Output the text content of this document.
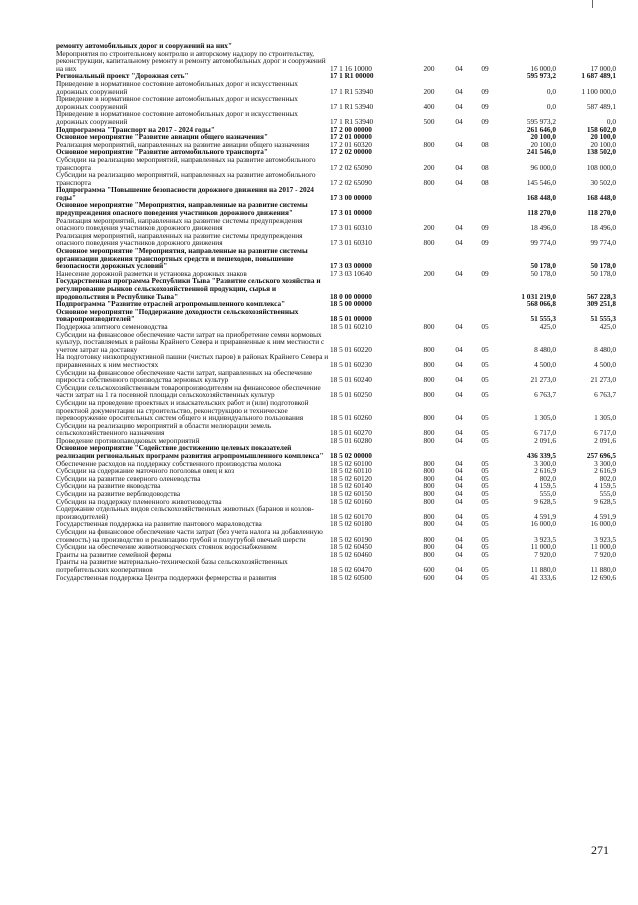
ремонту автомобильных дорог и сооружений на них"
Мероприятия по строительному контролю и авторскому надзору по строительству, реконструкции, капитальному ремонту и ремонту автомобильных дорог и сооружений на них	17 1 16 10000	200	04	09	16 000,0	17 000,0
Региональный проект "Дорожная сеть"	17 1 R1 00000	595 973,2	1 687 489,1
Приведение в нормативное состояние автомобильных дорог и искусственных дорожных сооружений	17 1 R1 53940	200	04	09	0,0	1 100 000,0
Приведение в нормативное состояние автомобильных дорог и искусственных дорожных сооружений	17 1 R1 53940	400	04	09	0,0	587 489,1
Приведение в нормативное состояние автомобильных дорог и искусственных дорожных сооружений	17 1 R1 53940	500	04	09	595 973,2	0,0
Подпрограмма "Транспорт на 2017 - 2024 годы"	17 2 00 00000	261 646,0	158 602,0
Основное мероприятие "Развитие авиации общего назначения"	17 2 01 00000	20 100,0	20 100,0
Реализация мероприятий, направленных на развитие авиации общего назначения	17 2 01 60320	800	04	08	20 100,0	20 100,0
Основное мероприятие "Развитие автомобильного транспорта"	17 2 02 00000	241 546,0	138 502,0
Субсидии на реализацию мероприятий, направленных на развитие автомобильного транспорта	17 2 02 65090	200	04	08	96 000,0	108 000,0
Субсидии на реализацию мероприятий, направленных на развитие автомобильного транспорта	17 2 02 65090	800	04	08	145 546,0	30 502,0
Подпрограмма "Повышение безопасности дорожного движения на 2017 - 2024 годы"	17 3 00 00000	168 448,0	168 448,0
Основное мероприятие "Мероприятия, направленные на развитие системы предупреждения опасного поведения участников дорожного движения"	17 3 01 00000	118 270,0	118 270,0
Реализация мероприятий, направленных на развитие системы предупреждения опасного поведения участников дорожного движения	17 3 01 60310	200	04	09	18 496,0	18 496,0
Реализация мероприятий, направленных на развитие системы предупреждения опасного поведения участников дорожного движения	17 3 01 60310	800	04	09	99 774,0	99 774,0
Основное мероприятие "Мероприятия, направленные на развитие системы организации движения транспортных средств и пешеходов, повышение безопасности дорожных условий"	17 3 03 00000	50 178,0	50 178,0
Нанесение дорожной разметки и установка дорожных знаков	17 3 03 10640	200	04	09	50 178,0	50 178,0
Государственная программа Республики Тыва "Развитие сельского хозяйства и регулирование рынков сельскохозяйственной продукции, сырья и продовольствия в Республике Тыва"	18 0 00 00000	1 031 219,0	567 228,3
Подпрограмма "Развитие отраслей агропромышленного комплекса"	18 5 00 00000	568 066,8	309 251,8
Основное мероприятие "Поддержание доходности сельскохозяйственных товаропроизводителей"	18 5 01 00000	51 555,3	51 555,3
Поддержка элитного семеноводства	18 5 01 60210	800	04	05	425,0	425,0
Субсидии на финансовое обеспечение части затрат на приобретение семян кормовых культур, поставляемых в районы Крайнего Севера и приравненные к ним местности с учетом затрат на доставку	18 5 01 60220	800	04	05	8 480,0	8 480,0
На подготовку низкопродуктивной пашни (чистых паров) в районах Крайнего Севера и приравненных к ним местностях	18 5 01 60230	800	04	05	4 500,0	4 500,0
Субсидии на финансовое обеспечение части затрат, направленных на обеспечение прироста собственного производства зерновых культур	18 5 01 60240	800	04	05	21 273,0	21 273,0
Субсидии сельскохозяйственным товаропроизводителям на финансовое обеспечение части затрат на 1 га посевной площади сельскохозяйственных культур	18 5 01 60250	800	04	05	6 763,7	6 763,7
Субсидии на проведение проектных и изыскательских работ и (или) подготовкой проектной документации на строительство, реконструкцию и техническое перевооружение оросительных систем общего и индивидуального пользования	18 5 01 60260	800	04	05	1 305,0	1 305,0
Субсидии на реализацию мероприятий в области мелиорации земель сельскохозяйственного назначения	18 5 01 60270	800	04	05	6 717,0	6 717,0
Проведение противопаводковых мероприятий	18 5 01 60280	800	04	05	2 091,6	2 091,6
Основное мероприятие "Содействие достижению целевых показателей реализации региональных программ развития агропромышленного комплекса" 18 5 02 00000	436 339,5	257 696,5
Обеспечение расходов на поддержку собственного производства молока	18 5 02 60100	800	04	05	3 300,0	3 300,0
Субсидии на содержание маточного поголовья овец и коз	18 5 02 60110	800	04	05	2 616,9	2 616,9
Субсидии на развитие северного оленеводства	18 5 02 60120	800	04	05	802,0	802,0
Субсидии на развитие яководства	18 5 02 60140	800	04	05	4 159,5	4 159,5
Субсидии на развитие верблюдоводства	18 5 02 60150	800	04	05	555,0	555,0
Субсидии на поддержку племенного животноводства	18 5 02 60160	800	04	05	9 628,5	9 628,5
Содержание отдельных видов сельскохозяйственных животных (баранов и козлов-производителей)	18 5 02 60170	800	04	05	4 591,9	4 591,9
Государственная поддержка на развитие пантового мараловодства	18 5 02 60180	800	04	05	16 000,0	16 000,0
Субсидии на финансовое обеспечение части затрат (без учета налога на добавленную стоимость) на производство и реализацию грубой и полугрубой овечьей шерсти	18 5 02 60190	800	04	05	3 923,5	3 923,5
Субсидии на обеспечение животноводческих стоянок водоснабжением	18 5 02 60450	800	04	05	11 000,0	11 000,0
Гранты на развитие семейной фермы	18 5 02 60460	800	04	05	7 920,0	7 920,0
Гранты на развитие материально-технической базы сельскохозяйственных потребительских кооперативов	18 5 02 60470	600	04	05	11 880,0	11 880,0
Государственная поддержка Центра поддержки фермерства и развития	18 5 02 60500	600	04	05	41 333,6	12 690,6
271
